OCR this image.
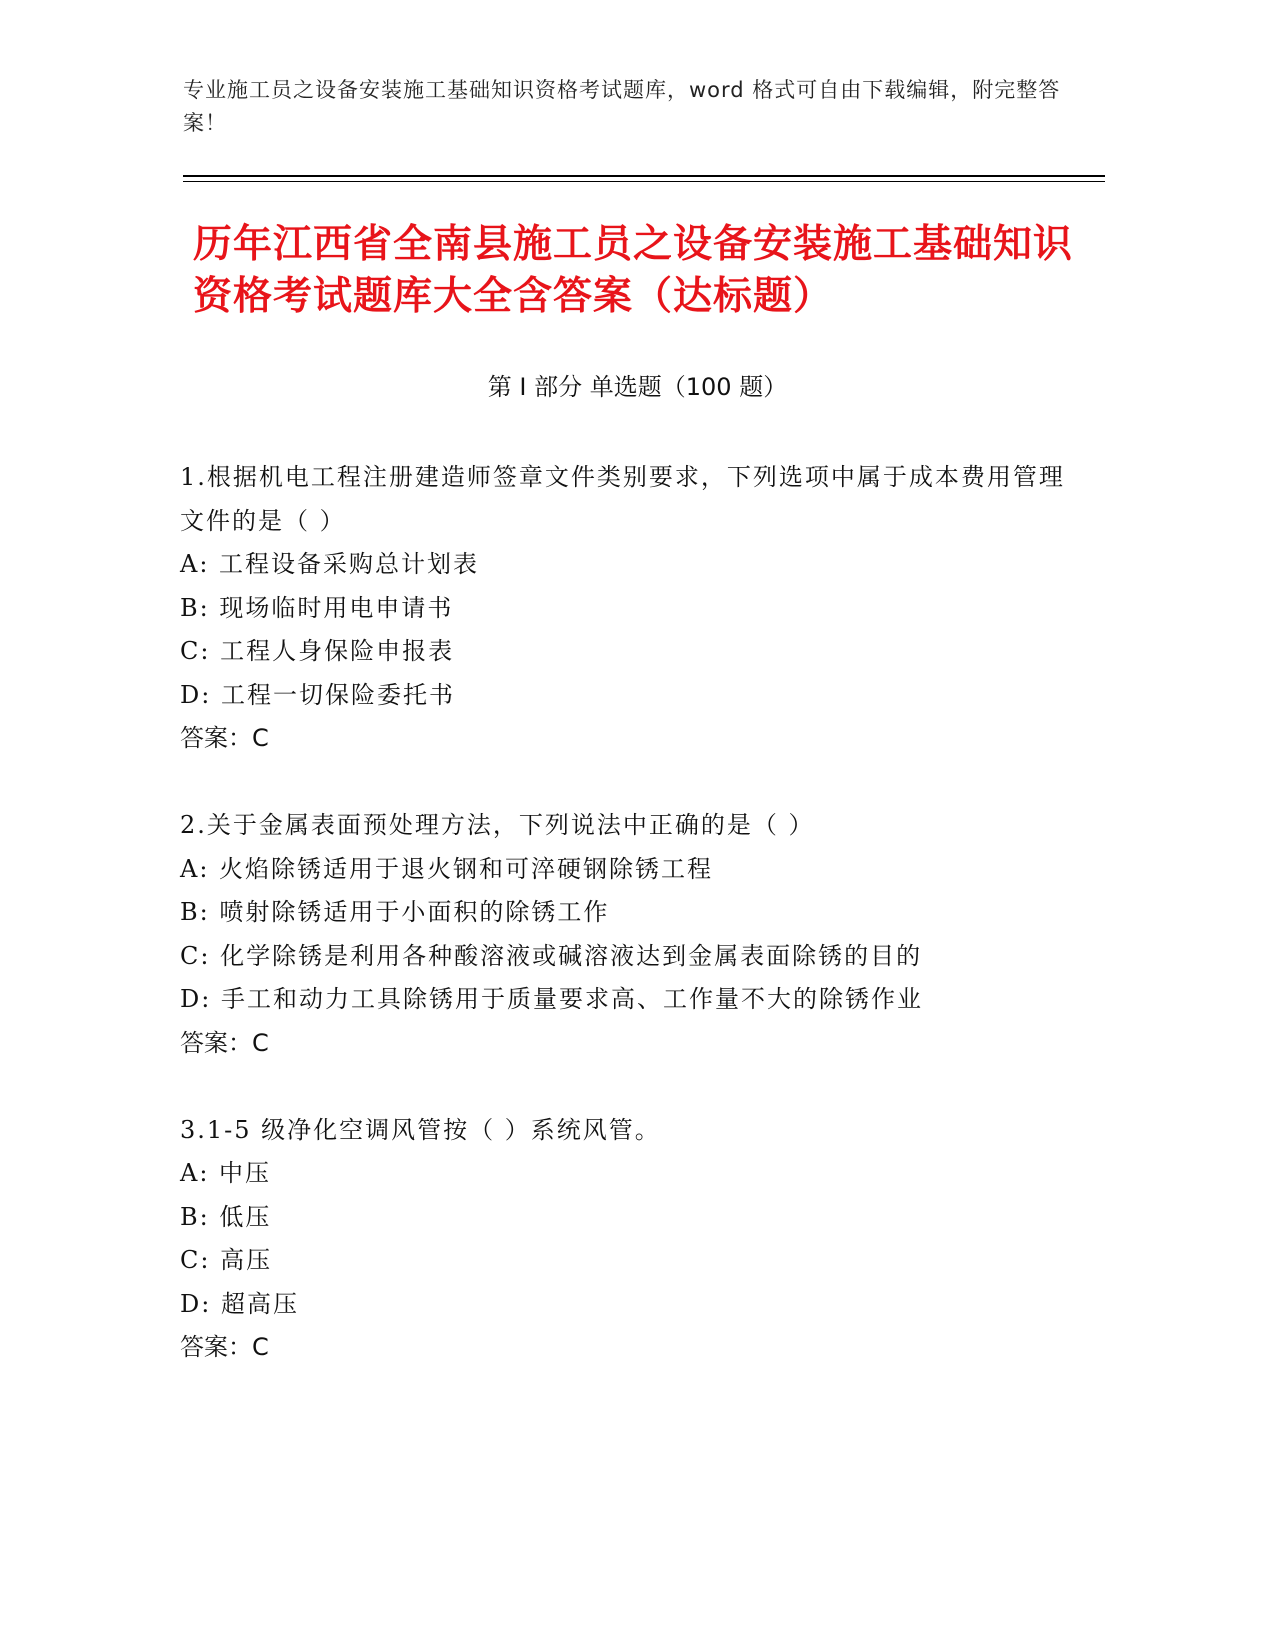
专业施工员之设备安装施工基础知识资格考试题库，word 格式可自由下载编辑，附完整答案！
历年江西省全南县施工员之设备安装施工基础知识资格考试题库大全含答案（达标题）
第 I 部分 单选题（100 题）

1.根据机电工程注册建造师签章文件类别要求，下列选项中属于成本费用管理文件的是（ ）

A: 工程设备采购总计划表

B: 现场临时用电申请书

C: 工程人身保险申报表

D: 工程一切保险委托书

答案：C

2.关于金属表面预处理方法，下列说法中正确的是（ ）

A: 火焰除锈适用于退火钢和可淬硬钢除锈工程

B: 喷射除锈适用于小面积的除锈工作

C: 化学除锈是利用各种酸溶液或碱溶液达到金属表面除锈的目的

D: 手工和动力工具除锈用于质量要求高、工作量不大的除锈作业

答案：C

3.1-5 级净化空调风管按（ ）系统风管。

A: 中压

B: 低压

C: 高压

D: 超高压

答案：C
